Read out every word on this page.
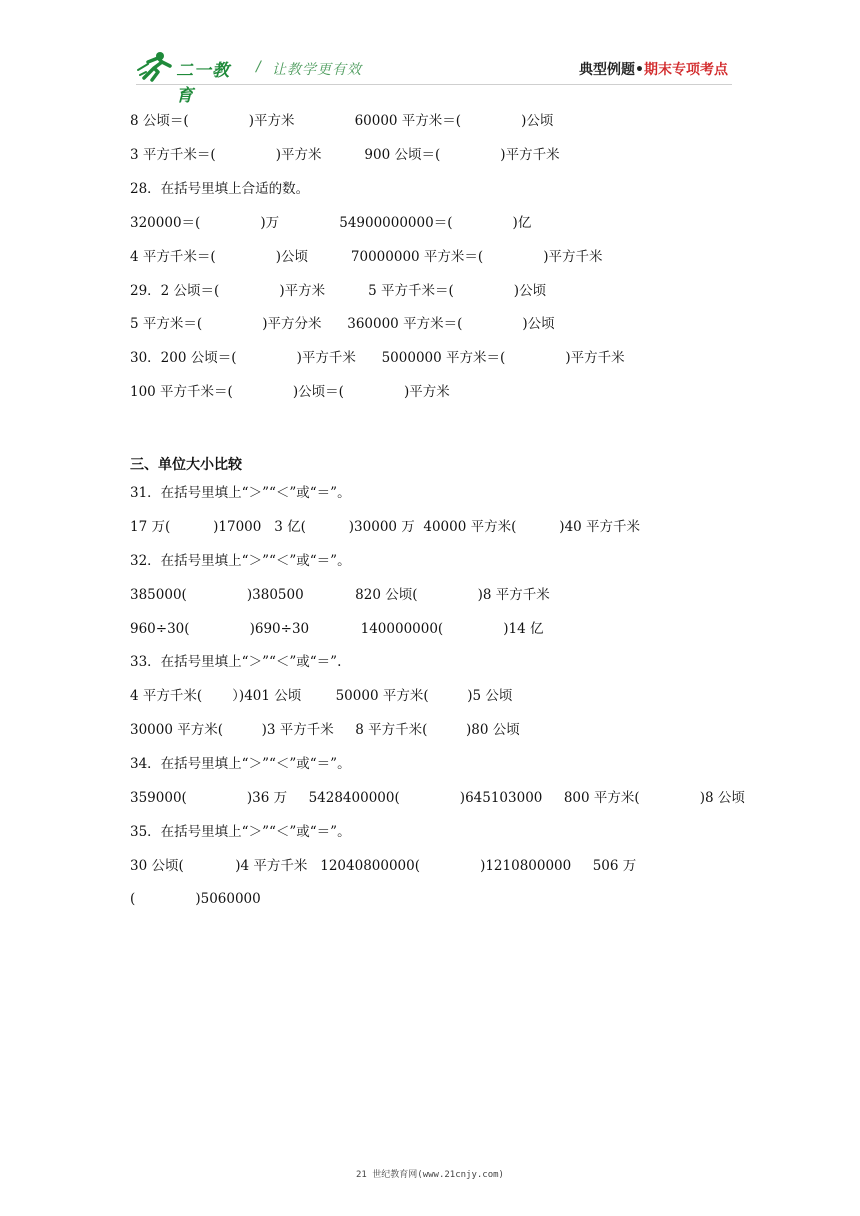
二一教育
/ 让教学更有效	典型例题•期末专项考点
8 公顷＝(              )平方米              60000 平方米＝(              )公顷
3 平方千米＝(              )平方米          900 公顷＝(              )平方千米
28．在括号里填上合适的数。
320000＝(              )万              54900000000＝(              )亿
4 平方千米＝(              )公顷          70000000 平方米＝(              )平方千米
29．2 公顷＝(              )平方米          5 平方千米＝(              )公顷
5 平方米＝(              )平方分米      360000 平方米＝(              )公顷
30．200 公顷＝(              )平方千米      5000000 平方米＝(              )平方千米
100 平方千米＝(              )公顷＝(              )平方米
三、单位大小比较
31．在括号里填上“＞”“＜”或“＝”。
17 万(          )17000   3 亿(          )30000 万  40000 平方米(          )40 平方千米
32．在括号里填上“＞”“＜”或“＝”。
385000(              )380500            820 公顷(              )8 平方千米
960÷30(              )690÷30            140000000(              )14 亿
33．在括号里填上“＞”“＜”或“＝”.
4 平方千米(       ）)401 公顷        50000 平方米(         )5 公顷
30000 平方米(         )3 平方千米     8 平方千米(         )80 公顷
34．在括号里填上“＞”“＜”或“＝”。
359000(              )36 万     5428400000(              )645103000     800 平方米(              )8 公顷
35．在括号里填上“＞”“＜”或“＝”。
30 公顷(            )4 平方千米   12040800000(              )1210800000     506 万
(              )5060000
21 世纪教育网(www.21cnjy.com)
